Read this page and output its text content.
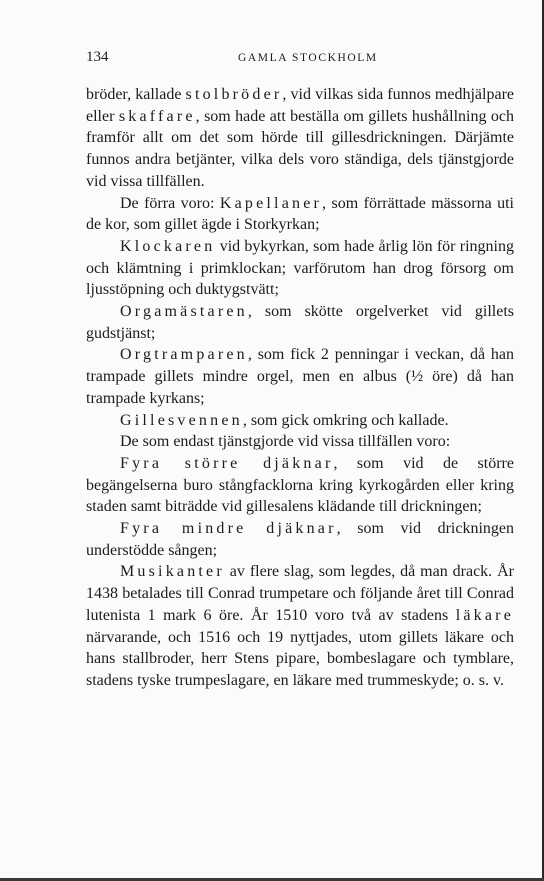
134	GAMLA STOCKHOLM

bröder, kallade stolbröder, vid vilkas sida funnos medhjälpare eller skaffare, som hade att beställa om gillets hushållning och framför allt om det som hörde till gillesdrickningen. Därjämte funnos andra betjänter, vilka dels voro ständiga, dels tjänstgjorde vid vissa tillfällen.

De förra voro: Kapellaner, som förrättade mässorna uti de kor, som gillet ägde i Storkyrkan;

Klockaren vid bykyrkan, som hade årlig lön för ringning och klämtning i primklockan; varförutom han drog försorg om ljusstöpning och duktygstvätt;

Orgamästaren, som skötte orgelverket vid gillets gudstjänst;

Orgtramparen, som fick 2 penningar i veckan, då han trampade gillets mindre orgel, men en albus (½ öre) då han trampade kyrkans;

Gillesvennen, som gick omkring och kallade.

De som endast tjänstgjorde vid vissa tillfällen voro:

Fyra större djäknar, som vid de större begängelserna buro stångfacklorna kring kyrkogården eller kring staden samt biträdde vid gillesalens klädande till drickningen;

Fyra mindre djäknar, som vid drickningen understödde sången;

Musikanter av flere slag, som legdes, då man drack. År 1438 betalades till Conrad trumpetare och följande året till Conrad lutenista 1 mark 6 öre. År 1510 voro två av stadens läkare närvarande, och 1516 och 19 nyttjades, utom gillets läkare och hans stallbroder, herr Stens pipare, bombeslagare och tymblare, stadens tyske trumpeslagare, en läkare med trummeskyde; o. s. v.
